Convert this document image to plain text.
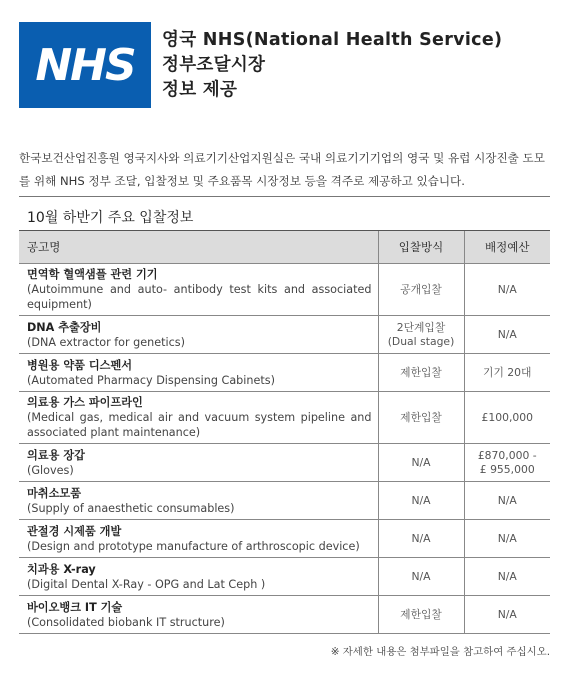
NHS 영국 NHS(National Health Service)
정부조달시장
정보 제공
한국보건산업진흥원 영국지사와 의료기기산업지원실은 국내 의료기기기업의 영국 및 유럽 시장진출 도모를 위해 NHS 정부 조달, 입찰정보 및 주요품목 시장정보 등을 격주로 제공하고 있습니다.
10월 하반기 주요 입찰정보
공고명	입찰방식	배정예산

면역학 혈액샘플 관련 기기
(Autoimmune and auto- antibody test kits and associated equipment)	공개입찰	N/A

DNA 추출장비
(DNA extractor for genetics)	2단계입찰
(Dual stage)	N/A

병원용 약품 디스펜서
(Automated Pharmacy Dispensing Cabinets)	제한입찰	기기 20대

의료용 가스 파이프라인
(Medical gas, medical air and vacuum system pipeline and associated plant maintenance)	제한입찰	£100,000

의료용 장갑
(Gloves)	N/A	£870,000 -
£ 955,000

마취소모품
(Supply of anaesthetic consumables)	N/A	N/A

관절경 시제품 개발
(Design and prototype manufacture of arthroscopic device)	N/A	N/A

치과용 X-ray
(Digital Dental X-Ray - OPG and Lat Ceph )	N/A	N/A

바이오뱅크 IT 기술
(Consolidated biobank IT structure)	제한입찰	N/A
※ 자세한 내용은 첨부파일을 참고하여 주십시오.
